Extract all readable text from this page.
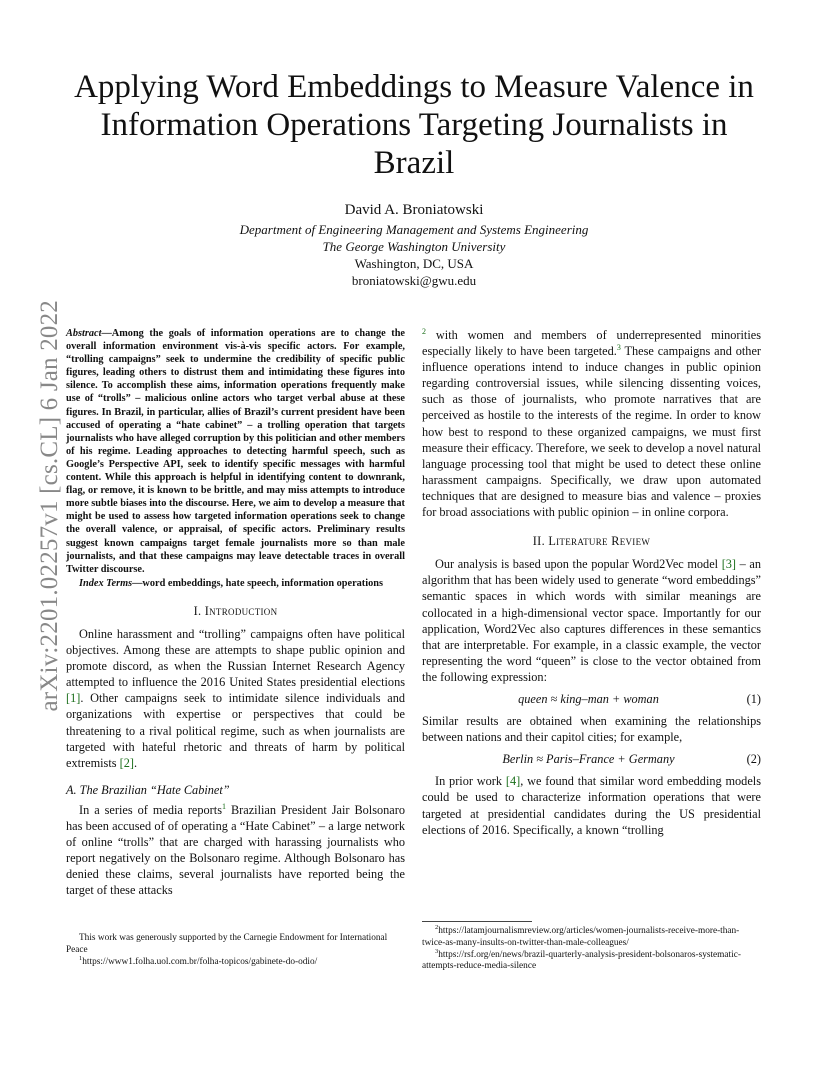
arXiv:2201.02257v1 [cs.CL] 6 Jan 2022
Applying Word Embeddings to Measure Valence in Information Operations Targeting Journalists in Brazil
David A. Broniatowski
Department of Engineering Management and Systems Engineering
The George Washington University
Washington, DC, USA
broniatowski@gwu.edu

Abstract—Among the goals of information operations are to change the overall information environment vis-à-vis specific actors. For example, “trolling campaigns” seek to undermine the credibility of specific public figures, leading others to distrust them and intimidating these figures into silence. To accomplish these aims, information operations frequently make use of “trolls” – malicious online actors who target verbal abuse at these figures. In Brazil, in particular, allies of Brazil’s current president have been accused of operating a “hate cabinet” – a trolling operation that targets journalists who have alleged corruption by this politician and other members of his regime. Leading approaches to detecting harmful speech, such as Google’s Perspective API, seek to identify specific messages with harmful content. While this approach is helpful in identifying content to downrank, flag, or remove, it is known to be brittle, and may miss attempts to introduce more subtle biases into the discourse. Here, we aim to develop a measure that might be used to assess how targeted information operations seek to change the overall valence, or appraisal, of specific actors. Preliminary results suggest known campaigns target female journalists more so than male journalists, and that these campaigns may leave detectable traces in overall Twitter discourse.

Index Terms—word embeddings, hate speech, information operations

I. Introduction

Online harassment and “trolling” campaigns often have political objectives. Among these are attempts to shape public opinion and promote discord, as when the Russian Internet Research Agency attempted to influence the 2016 United States presidential elections [1]. Other campaigns seek to intimidate silence individuals and organizations with expertise or perspectives that could be threatening to a rival political regime, such as when journalists are targeted with hateful rhetoric and threats of harm by political extremists [2].

A. The Brazilian “Hate Cabinet”

In a series of media reports$^1$ Brazilian President Jair Bolsonaro has been accused of of operating a “Hate Cabinet” – a large network of online “trolls” that are charged with harassing journalists who report negatively on the Bolsonaro regime. Although Bolsonaro has denied these claims, several journalists have reported being the target of these attacks

This work was generously supported by the Carnegie Endowment for International Peace

$^1$https://www1.folha.uol.com.br/folha-topicos/gabinete-do-odio/

$^2$ with women and members of underrepresented minorities especially likely to have been targeted.$^3$ These campaigns and other influence operations intend to induce changes in public opinion regarding controversial issues, while silencing dissenting voices, such as those of journalists, who promote narratives that are perceived as hostile to the interests of the regime. In order to know how best to respond to these organized campaigns, we must first measure their efficacy. Therefore, we seek to develop a novel natural language processing tool that might be used to detect these online harassment campaigns. Specifically, we draw upon automated techniques that are designed to measure bias and valence – proxies for broad associations with public opinion – in online corpora.

II. Literature Review

Our analysis is based upon the popular Word2Vec model [3] – an algorithm that has been widely used to generate “word embeddings” semantic spaces in which words with similar meanings are collocated in a high-dimensional vector space. Importantly for our application, Word2Vec also captures differences in these semantics that are interpretable. For example, in a classic example, the vector representing the word “queen” is close to the vector obtained from the following expression:

queen ≈ king–man + woman	(1)

Similar results are obtained when examining the relationships between nations and their capitol cities; for example,

Berlin ≈ Paris–France + Germany	(2)

In prior work [4], we found that similar word embedding models could be used to characterize information operations that were targeted at presidential candidates during the US presidential elections of 2016. Specifically, a known “trolling

$^2$https://latamjournalismreview.org/articles/women-journalists-receive-more-than-twice-as-many-insults-on-twitter-than-male-colleagues/

$^3$https://rsf.org/en/news/brazil-quarterly-analysis-president-bolsonaros-systematic-attempts-reduce-media-silence
